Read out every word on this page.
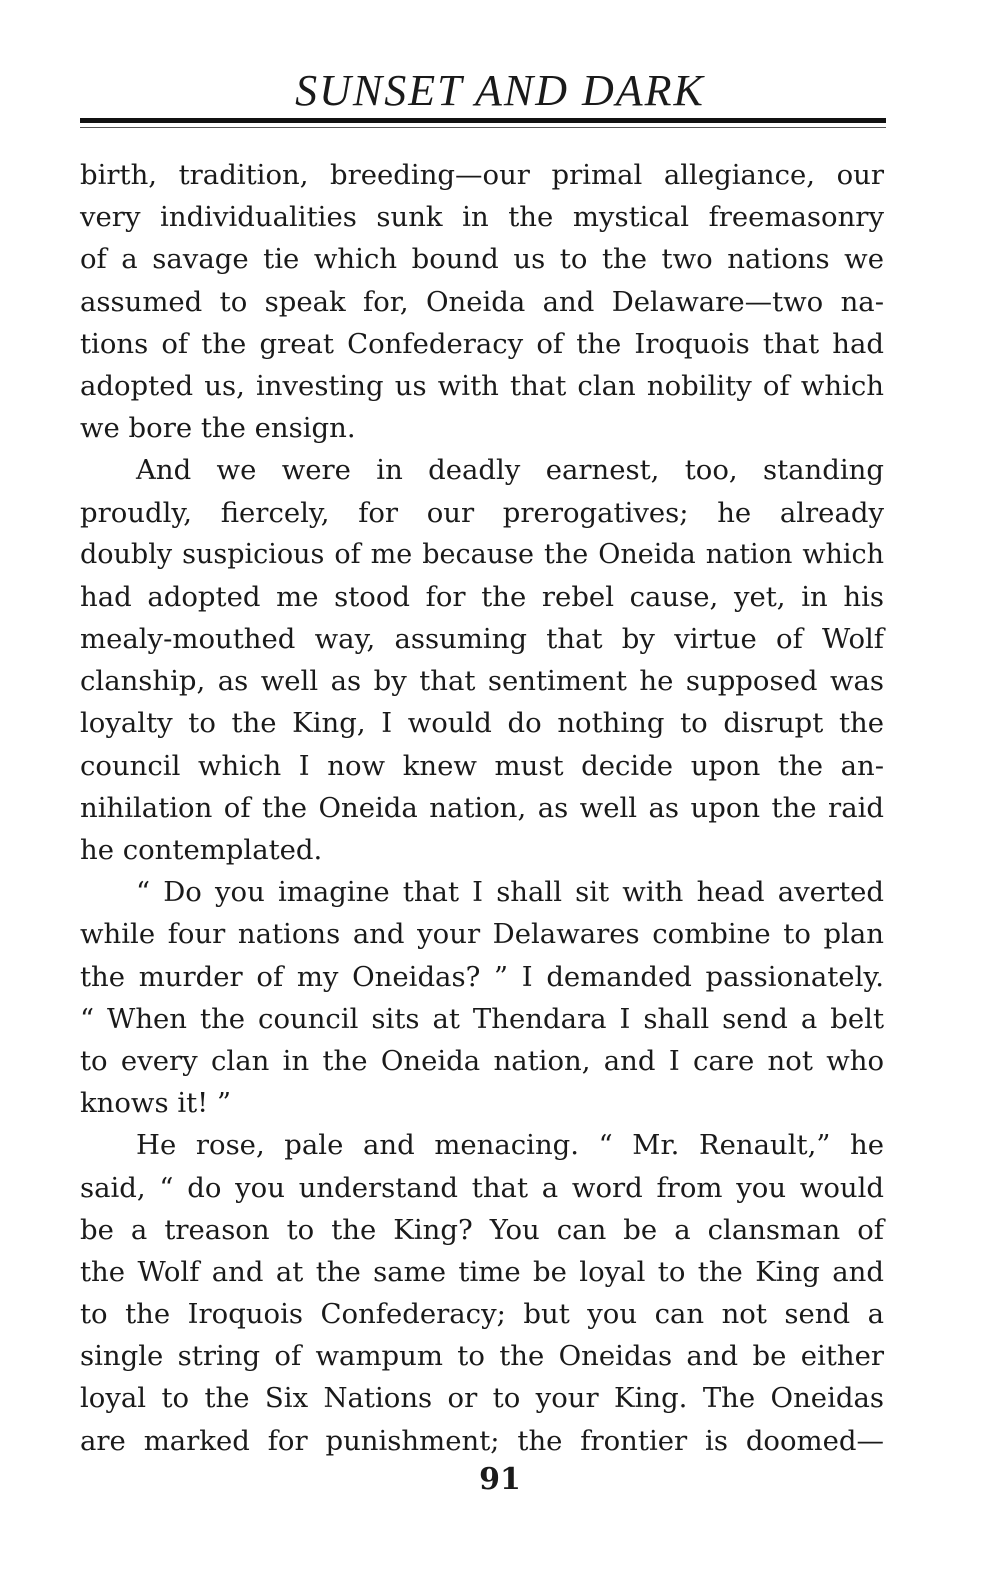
SUNSET AND DARK
birth, tradition, breeding—our primal allegiance, our
very individualities sunk in the mystical freemasonry
of a savage tie which bound us to the two nations we
assumed to speak for, Oneida and Delaware—two na-
tions of the great Confederacy of the Iroquois that had
adopted us, investing us with that clan nobility of which
we bore the ensign.
And we were in deadly earnest, too, standing
proudly, fiercely, for our prerogatives; he already
doubly suspicious of me because the Oneida nation which
had adopted me stood for the rebel cause, yet, in his
mealy-mouthed way, assuming that by virtue of Wolf
clanship, as well as by that sentiment he supposed was
loyalty to the King, I would do nothing to disrupt the
council which I now knew must decide upon the an-
nihilation of the Oneida nation, as well as upon the raid
he contemplated.
“ Do you imagine that I shall sit with head averted
while four nations and your Delawares combine to plan
the murder of my Oneidas? ” I demanded passionately.
“ When the council sits at Thendara I shall send a belt
to every clan in the Oneida nation, and I care not who
knows it! ”
He rose, pale and menacing. “ Mr. Renault,” he
said, “ do you understand that a word from you would
be a treason to the King? You can be a clansman of
the Wolf and at the same time be loyal to the King and
to the Iroquois Confederacy; but you can not send a
single string of wampum to the Oneidas and be either
loyal to the Six Nations or to your King. The Oneidas
are marked for punishment; the frontier is doomed—
91
